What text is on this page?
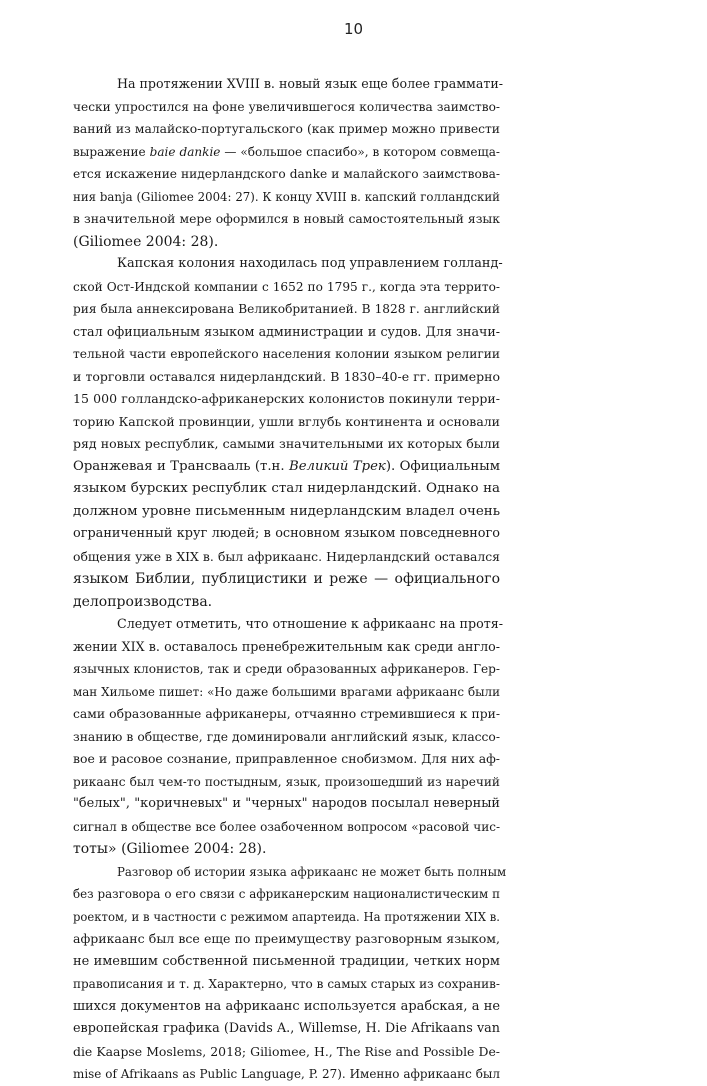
10
На протяжении XVIII в. новый язык еще более граммати-
чески упростился на фоне увеличившегося количества заимство-
ваний из малайско-португальского (как пример можно привести
выражение baie dankie — «большое спасибо», в котором совмеща-
ется искажение нидерландского danke и малайского заимствова-
ния banja (Giliomee 2004: 27). К концу XVIII в. капский голландский
в значительной мере оформился в новый самостоятельный язык
(Giliomee 2004: 28).
Капская колония находилась под управлением голланд-
ской Ост-Индской компании с 1652 по 1795 г., когда эта террито-
рия была аннексирована Великобританией. В 1828 г. английский
стал официальным языком администрации и судов. Для значи-
тельной части европейского населения колонии языком религии
и торговли оставался нидерландский. В 1830–40-е гг. примерно
15 000 голландско-африканерских колонистов покинули терри-
торию Капской провинции, ушли вглубь континента и основали
ряд новых республик, самыми значительными их которых были
Оранжевая и Трансвааль (т.н. Великий Трек). Официальным
языком бурских республик стал нидерландский. Однако на
должном уровне письменным нидерландским владел очень
ограниченный круг людей; в основном языком повседневного
общения уже в XIX в. был африкаанс. Нидерландский оставался
языком Библии, публицистики и реже — официального
делопроизводства.
Следует отметить, что отношение к африкаанс на протя-
жении XIX в. оставалось пренебрежительным как среди англо-
язычных клонистов, так и среди образованных африканеров. Гер-
ман Хильоме пишет: «Но даже большими врагами африкаанс были
сами образованные африканеры, отчаянно стремившиеся к при-
знанию в обществе, где доминировали английский язык, классо-
вое и расовое сознание, приправленное снобизмом. Для них аф-
рикаанс был чем-то постыдным, язык, произошедший из наречий
"белых", "коричневых" и "черных" народов посылал неверный
сигнал в обществе все более озабоченном вопросом «расовой чис-
тоты» (Giliomee 2004: 28).
Разговор об истории языка африкаанс не может быть полным
без разговора о его связи с африканерским националистическим п
роектом, и в частности с режимом апартеида. На протяжении XIX в.
африкаанс был все еще по преимуществу разговорным языком,
не имевшим собственной письменной традиции, четких норм
правописания и т. д. Характерно, что в самых старых из сохранив-
шихся документов на африкаанс используется арабская, а не
европейская графика (Davids A., Willemse, H. Die Afrikaans van
die Kaapse Moslems, 2018; Giliomee, H., The Rise and Possible De-
mise of Afrikaans as Public Language, P. 27). Именно африкаанс был
